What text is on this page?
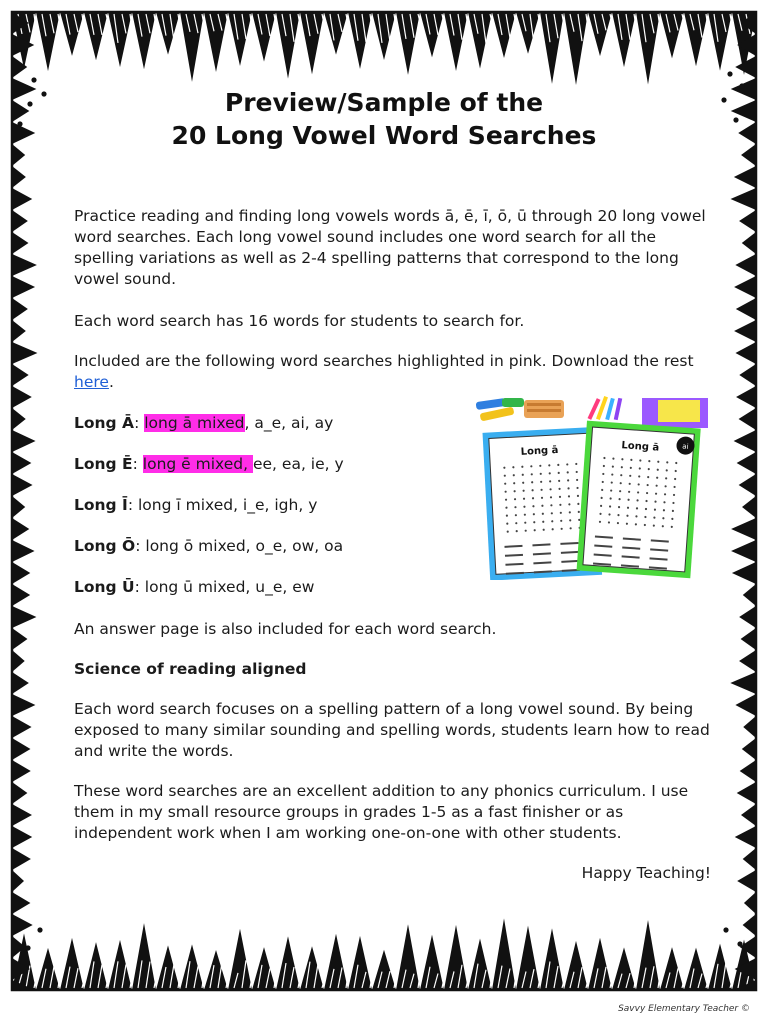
Preview/Sample of the
20 Long Vowel Word Searches
Practice reading and finding long vowels words ā, ē, ī, ō, ū through 20 long vowel word searches. Each long vowel sound includes one word search for all the spelling variations as well as 2-4 spelling patterns that correspond to the long vowel sound.
Each word search has 16 words for students to search for.
Included are the following word searches highlighted in pink. Download the rest here.
Long Ā: long ā mixed, a_e, ai, ay
Long Ē: long ē mixed, ee, ea, ie, y
Long Ī: long ī mixed, i_e, igh, y
Long Ō: long ō mixed, o_e, ow, oa
Long Ū: long ū mixed, u_e, ew
An answer page is also included for each word search.
Science of reading aligned
Each word search focuses on a spelling pattern of a long vowel sound. By being exposed to many similar sounding and spelling words, students learn how to read and write the words.
These word searches are an excellent addition to any phonics curriculum. I use them in my small resource groups in grades 1-5 as a fast finisher or as independent work when I am working one-on-one with other students.
Happy Teaching!
Long ā	ai
Long ā
Savvy Elementary Teacher ©
